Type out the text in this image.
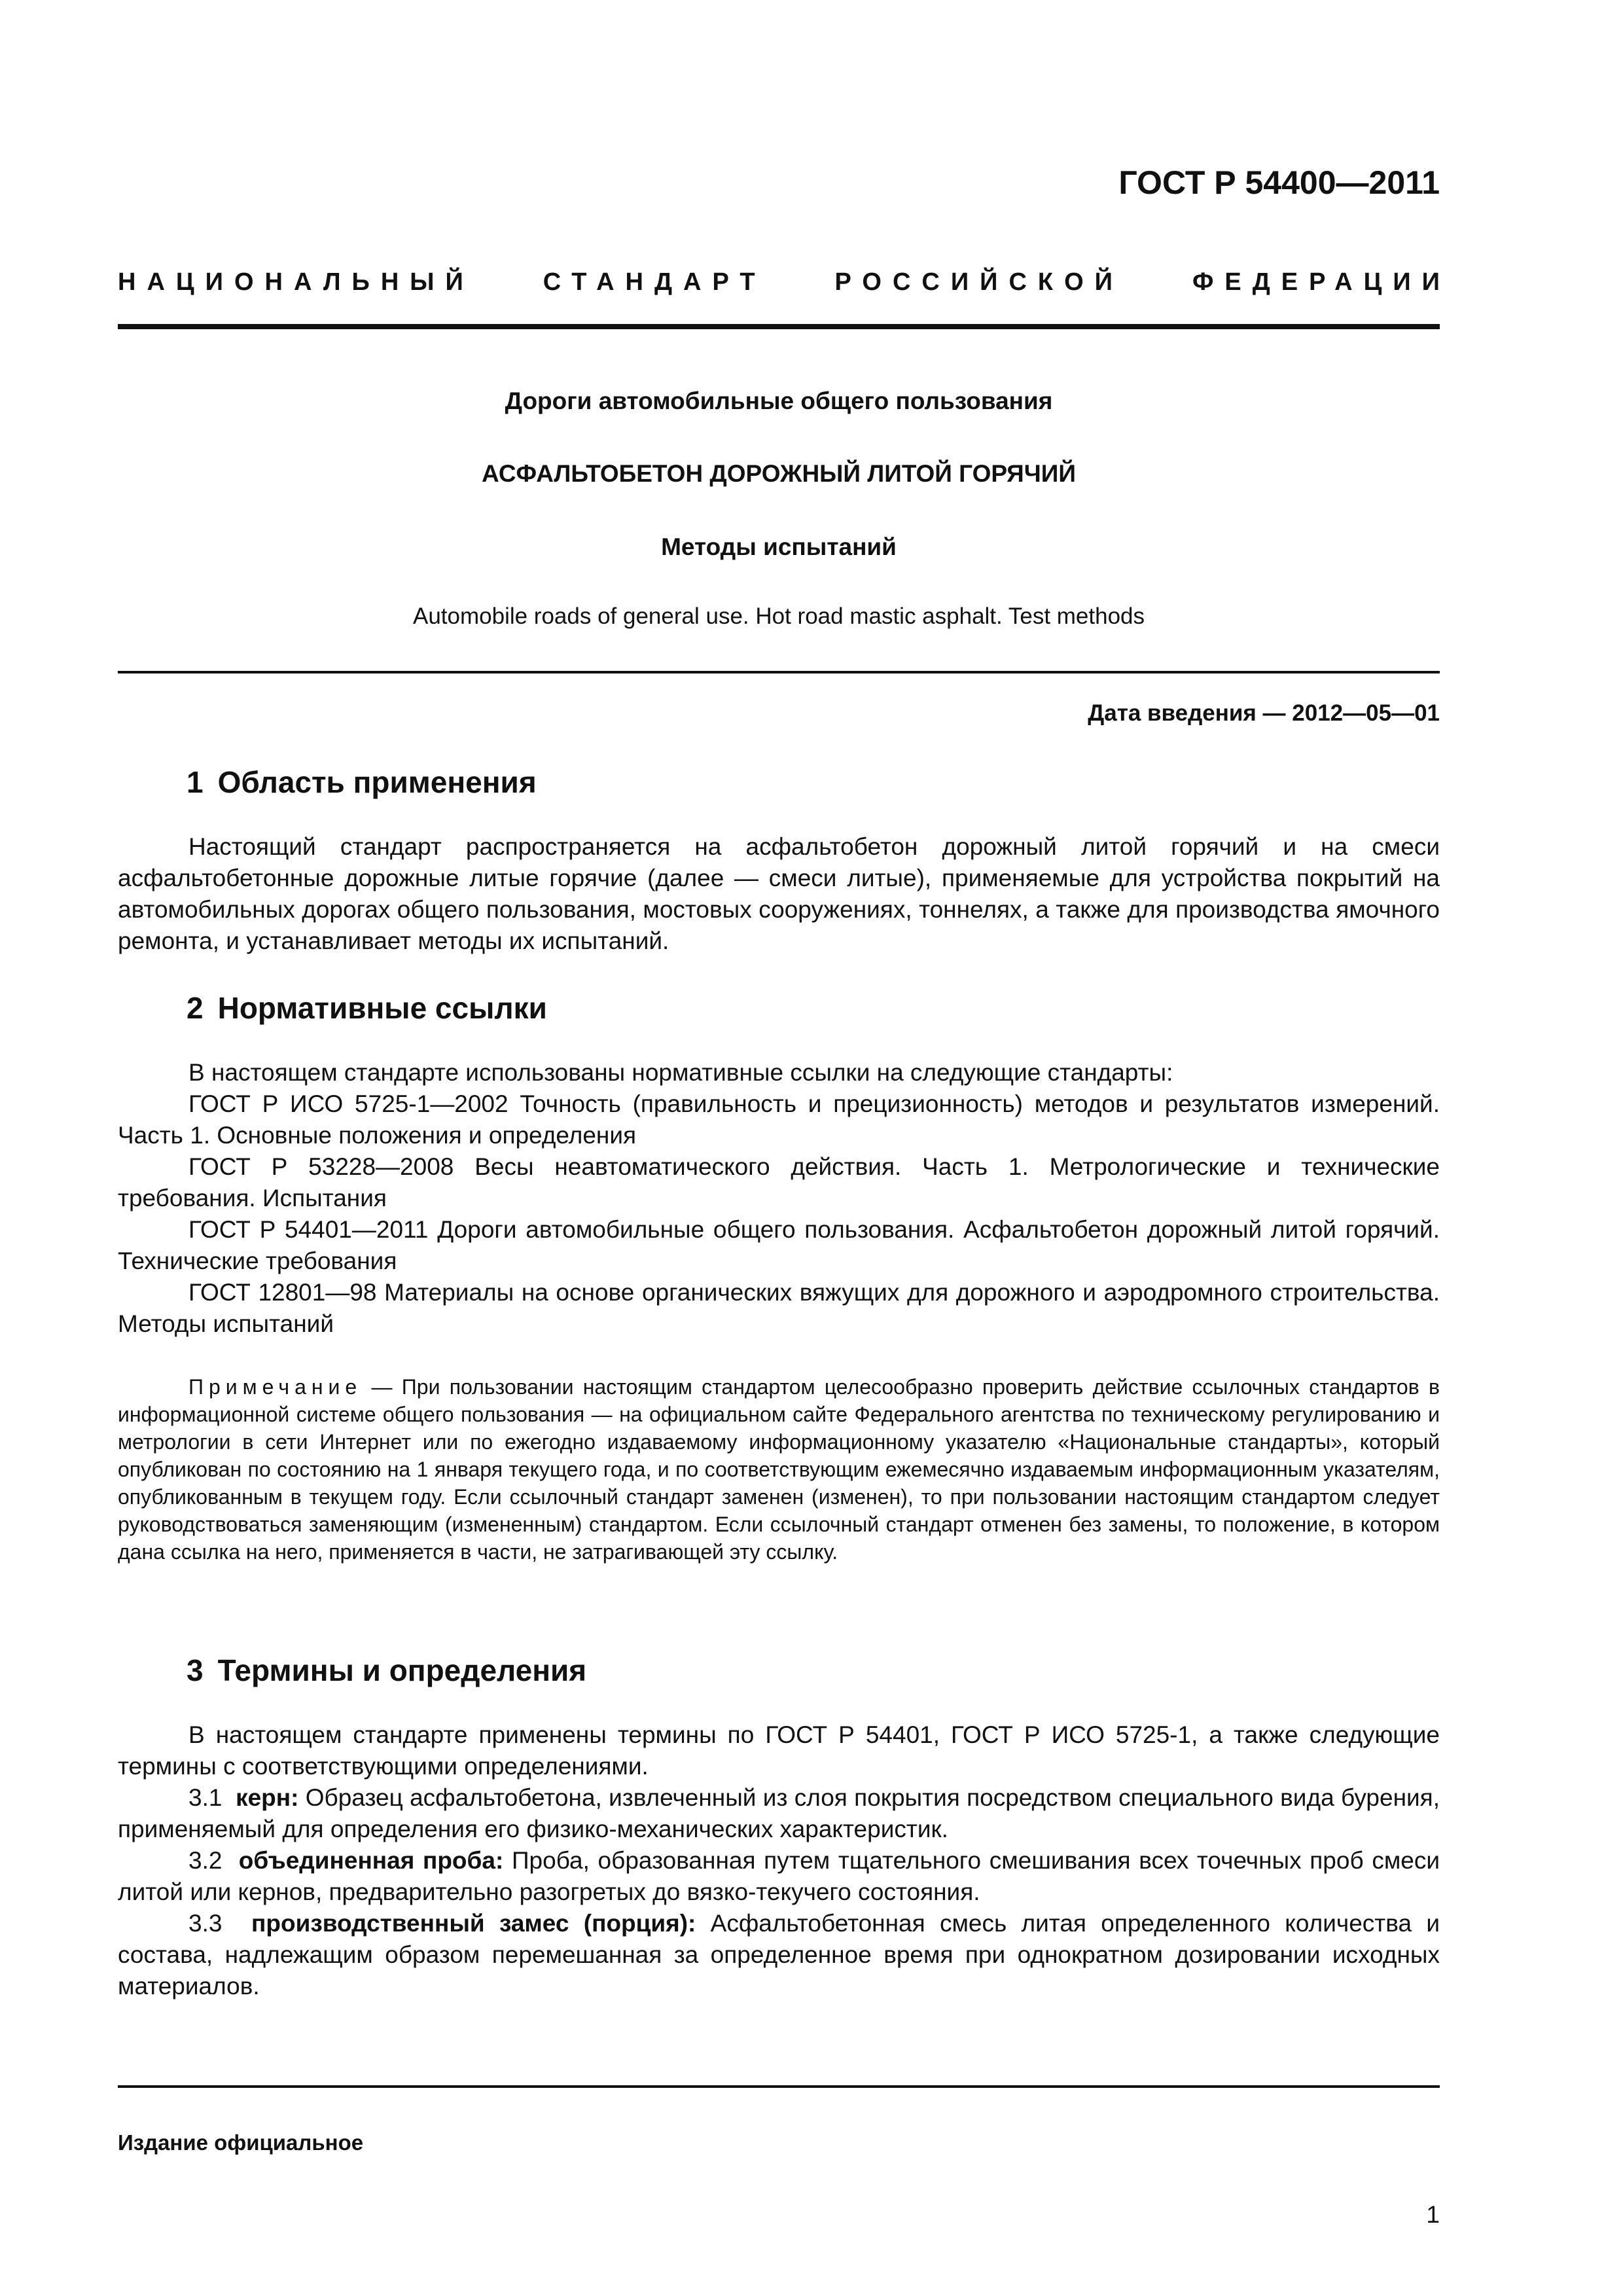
ГОСТ Р 54400—2011
НАЦИОНАЛЬНЫЙ	СТАНДАРТ	РОССИЙСКОЙ	ФЕДЕРАЦИИ
Дороги автомобильные общего пользования
АСФАЛЬТОБЕТОН ДОРОЖНЫЙ ЛИТОЙ ГОРЯЧИЙ
Методы испытаний
Automobile roads of general use. Hot road mastic asphalt. Test methods
Дата введения — 2012—05—01
1 Область применения

Настоящий стандарт распространяется на асфальтобетон дорожный литой горячий и на смеси асфальтобетонные дорожные литые горячие (далее — смеси литые), применяемые для устройства покрытий на автомобильных дорогах общего пользования, мостовых сооружениях, тоннелях, а также для производства ямочного ремонта, и устанавливает методы их испытаний.

2 Нормативные ссылки

В настоящем стандарте использованы нормативные ссылки на следующие стандарты:

ГОСТ Р ИСО 5725-1—2002 Точность (правильность и прецизионность) методов и результатов измерений. Часть 1. Основные положения и определения

ГОСТ Р 53228—2008 Весы неавтоматического действия. Часть 1. Метрологические и технические требования. Испытания

ГОСТ Р 54401—2011 Дороги автомобильные общего пользования. Асфальтобетон дорожный литой горячий. Технические требования

ГОСТ 12801—98 Материалы на основе органических вяжущих для дорожного и аэродромного строительства. Методы испытаний

Примечание — При пользовании настоящим стандартом целесообразно проверить действие ссылочных стандартов в информационной системе общего пользования — на официальном сайте Федерального агентства по техническому регулированию и метрологии в сети Интернет или по ежегодно издаваемому информационному указателю «Национальные стандарты», который опубликован по состоянию на 1 января текущего года, и по соответствующим ежемесячно издаваемым информационным указателям, опубликованным в текущем году. Если ссылочный стандарт заменен (изменен), то при пользовании настоящим стандартом следует руководствоваться заменяющим (измененным) стандартом. Если ссылочный стандарт отменен без замены, то положение, в котором дана ссылка на него, применяется в части, не затрагивающей эту ссылку.

3 Термины и определения

В настоящем стандарте применены термины по ГОСТ Р 54401, ГОСТ Р ИСО 5725-1, а также следующие термины с соответствующими определениями.

3.1 керн: Образец асфальтобетона, извлеченный из слоя покрытия посредством специального вида бурения, применяемый для определения его физико-механических характеристик.

3.2 объединенная проба: Проба, образованная путем тщательного смешивания всех точечных проб смеси литой или кернов, предварительно разогретых до вязко-текучего состояния.

3.3 производственный замес (порция): Асфальтобетонная смесь литая определенного количества и состава, надлежащим образом перемешанная за определенное время при однократном дозировании исходных материалов.

Издание официальное
1
